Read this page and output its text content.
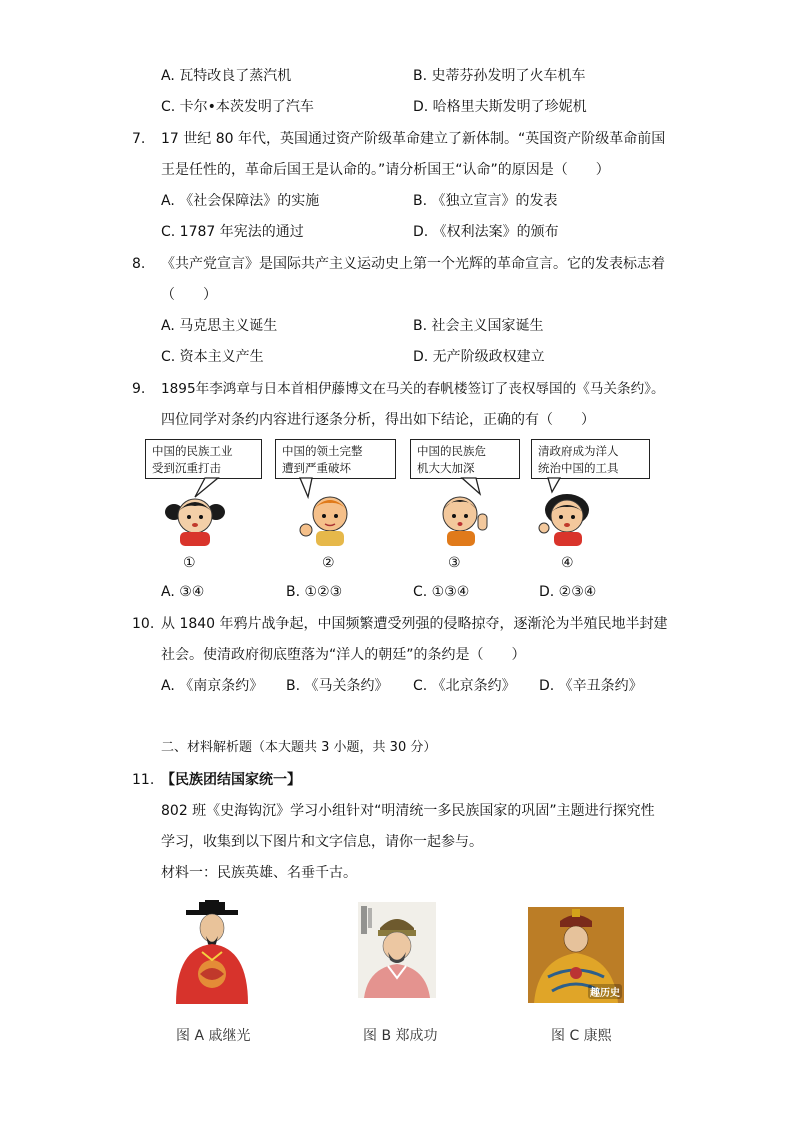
A. 瓦特改良了蒸汽机	B. 史蒂芬孙发明了火车机车
C. 卡尔•本茨发明了汽车	D. 哈格里夫斯发明了珍妮机
7. 17 世纪 80 年代，英国通过资产阶级革命建立了新体制。“英国资产阶级革命前国
王是任性的，革命后国王是认命的。”请分析国王“认命”的原因是（　　）
A. 《社会保障法》的实施	B. 《独立宣言》的发表
C. 1787 年宪法的通过	D. 《权利法案》的颁布
8. 《共产党宣言》是国际共产主义运动史上第一个光辉的革命宣言。它的发表标志着
（　　）
A. 马克思主义诞生	B. 社会主义国家诞生
C. 资本主义产生	D. 无产阶级政权建立
9. 1895年李鸿章与日本首相伊藤博文在马关的春帆楼签订了丧权辱国的《马关条约》。
四位同学对条约内容进行逐条分析，得出如下结论，正确的有（　　）
中国的民族工业
受到沉重打击
中国的领土完整
遭到严重破坏
中国的民族危
机大大加深
清政府成为洋人
统治中国的工具
①	②	③	④
A. ③④	B. ①②③	C. ①③④	D. ②③④
10. 从 1840 年鸦片战争起，中国频繁遭受列强的侵略掠夺，逐渐沦为半殖民地半封建
社会。使清政府彻底堕落为“洋人的朝廷”的条约是（　　）
A. 《南京条约》 B. 《马关条约》 C. 《北京条约》 D. 《辛丑条约》
二、材料解析题（本大题共 3 小题，共 30 分）
11. 【民族团结国家统一】
802 班《史海钩沉》学习小组针对“明清统一多民族国家的巩固”主题进行探究性
学习，收集到以下图片和文字信息，请你一起参与。
材料一：民族英雄、名垂千古。
趣历史
图 A 戚继光	图 B 郑成功	图 C 康熙
